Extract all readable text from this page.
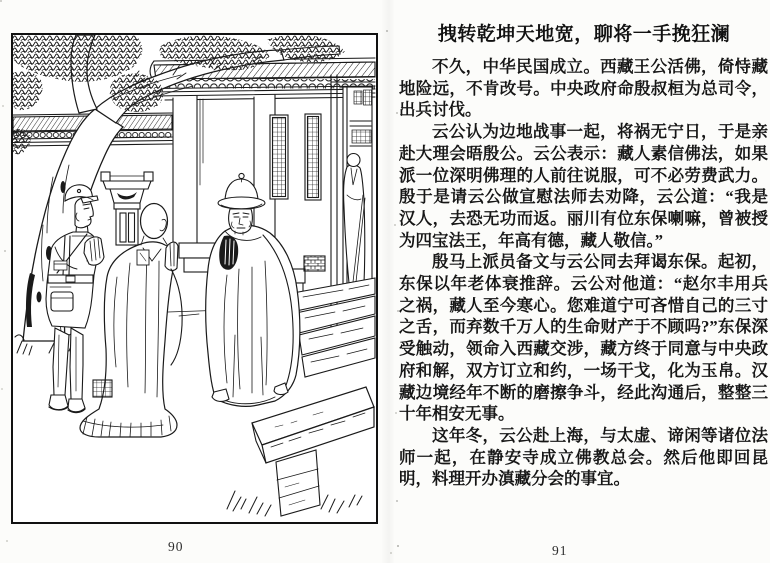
90
拽转乾坤天地宽，聊将一手挽狂澜

不久，中华民国成立。西藏王公活佛，倚恃藏地险远，不肯改号。中央政府命殷叔桓为总司令，出兵讨伐。

云公认为边地战事一起，将祸无宁日，于是亲赴大理会晤殷公。云公表示：藏人素信佛法，如果派一位深明佛理的人前往说服，可不必劳费武力。殷于是请云公做宣慰法师去劝降，云公道：“我是汉人，去恐无功而返。丽川有位东保喇嘛，曾被授为四宝法王，年高有德，藏人敬信。”

殷马上派员备文与云公同去拜谒东保。起初，东保以年老体衰推辞。云公对他道：“赵尔丰用兵之祸，藏人至今寒心。您难道宁可吝惜自己的三寸之舌，而弃数千万人的生命财产于不顾吗?”东保深受触动，领命入西藏交涉，藏方终于同意与中央政府和解，双方订立和约，一场干戈，化为玉帛。汉藏边境经年不断的磨擦争斗，经此沟通后，整整三十年相安无事。

这年冬，云公赴上海，与太虚、谛闲等诸位法师一起，在静安寺成立佛教总会。然后他即回昆明，料理开办滇藏分会的事宜。

91
